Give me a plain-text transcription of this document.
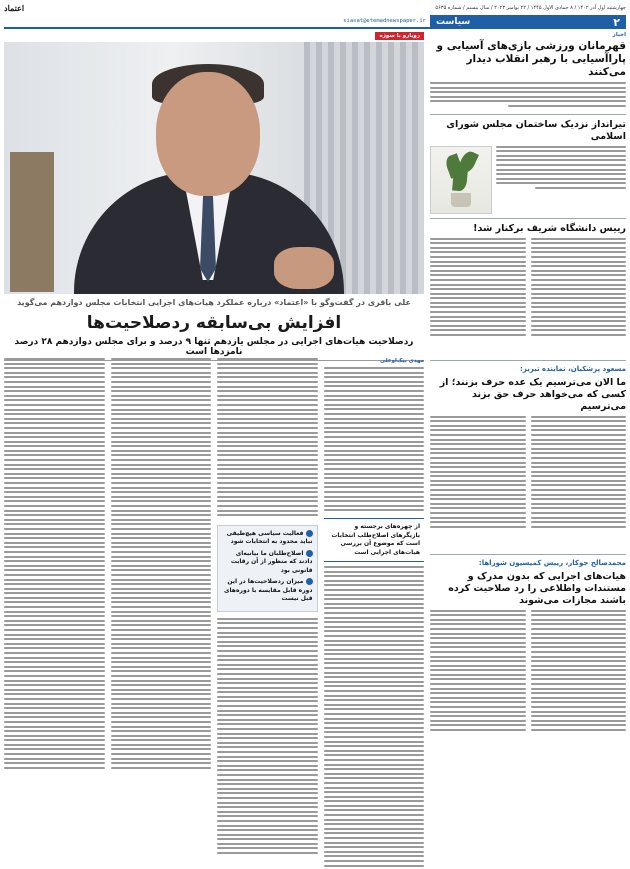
چهارشنبه اول آذر ۱۴۰۲ / ۸ جمادی الاول ۱۴۴۵ / ۲۲ نوامبر ۲۰۲۳ / سال بیستم / شماره ۵۶۳۵
اعتماد
۲
سیاست
siasat@etemadnewspaper.ir
اخبار
قهرمانان ورزشی بازی‌های آسیایی و پاراآسیایی با رهبر انقلاب دیدار می‌کنند
تیرانداز نزدیک ساختمان مجلس شورای اسلامی
رییس دانشگاه شریف برکنار شد!
مسعود پزشکیان، نماینده تبریز:
ما الان می‌ترسیم یک عده حرف بزنند؛ از کسی که می‌خواهد حرف حق بزند می‌ترسیم
محمدصالح جوکار، رییس کمیسیون شوراها:
هیات‌های اجرایی که بدون مدرک و مستندات واطلاعی را رد صلاحیت کرده باشند مجازات می‌شوند
رویارو با سوژه
علی باقری در گفت‌وگو با «اعتماد» درباره عملکرد هیات‌های اجرایی انتخابات مجلس دوازدهم می‌گوید
افزایش بی‌سابقه ردصلاحیت‌ها
ردصلاحیت هیات‌های اجرایی در مجلس یازدهم تنها ۹ درصد و برای مجلس دوازدهم ۲۸ درصد نامزدها است
مهدی بیک‌اوغلی
از چهره‌های برجسته و بازیگر‌های اصلاح‌طلب انتخابات است که موضوع آن بررسی هیات‌های اجرایی است
فعالیت سیاسی هیچ‌طیفی نباید محدود به انتخابات شود
اصلاح‌طلبان ما بیانیه‌ای دادند که منظور از آن رقابت قانونی بود
میزان ردصلاحیت‌ها در این دوره قابل مقایسه با دوره‌های قبل نیست
